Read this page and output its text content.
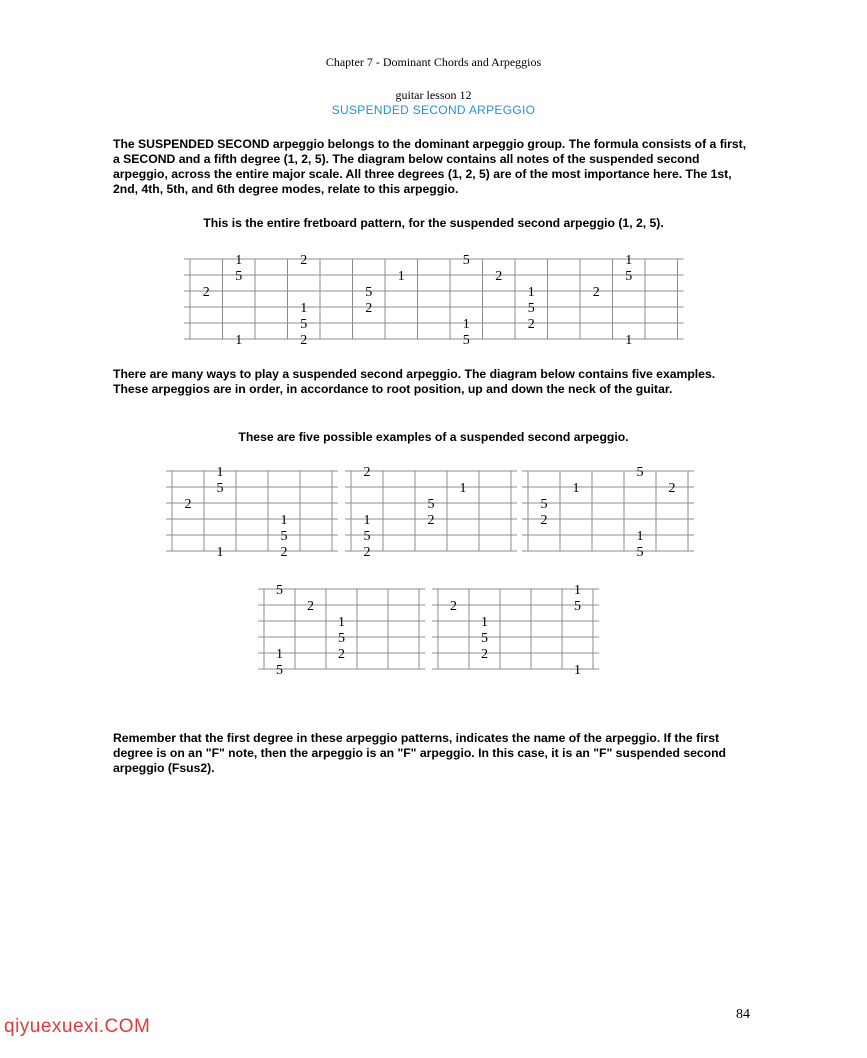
Chapter 7 - Dominant Chords and Arpeggios
guitar lesson 12
SUSPENDED SECOND ARPEGGIO
The SUSPENDED SECOND arpeggio belongs to the dominant arpeggio group. The formula consists of a first, a SECOND and a fifth degree (1, 2, 5). The diagram below contains all notes of the suspended second arpeggio, across the entire major scale. All three degrees (1, 2, 5) are of the most importance here. The 1st, 2nd, 4th, 5th, and 6th degree modes, relate to this arpeggio.
This is the entire fretboard pattern, for the suspended second arpeggio (1, 2, 5).
1	2	5	1
5	1	2	5
2	5	1	2
1	2	5
5	1	2
1	2	5	1
There are many ways to play a suspended second arpeggio. The diagram below contains five examples. These arpeggios are in order, in accordance to root position, up and down the neck of the guitar.
These are five possible examples of a suspended second arpeggio.
1
5
2
1
5
1	2
2
1
5
1	2
5
2
5
1	2
5
2
1
5
5
2
1
5
2
1
5
1
2	5
1
5
2
1
Remember that the first degree in these arpeggio patterns, indicates the name of the arpeggio. If the first degree is on an "F" note, then the arpeggio is an "F" arpeggio. In this case, it is an "F" suspended second arpeggio (Fsus2).
84
qiyuexuexi.COM
